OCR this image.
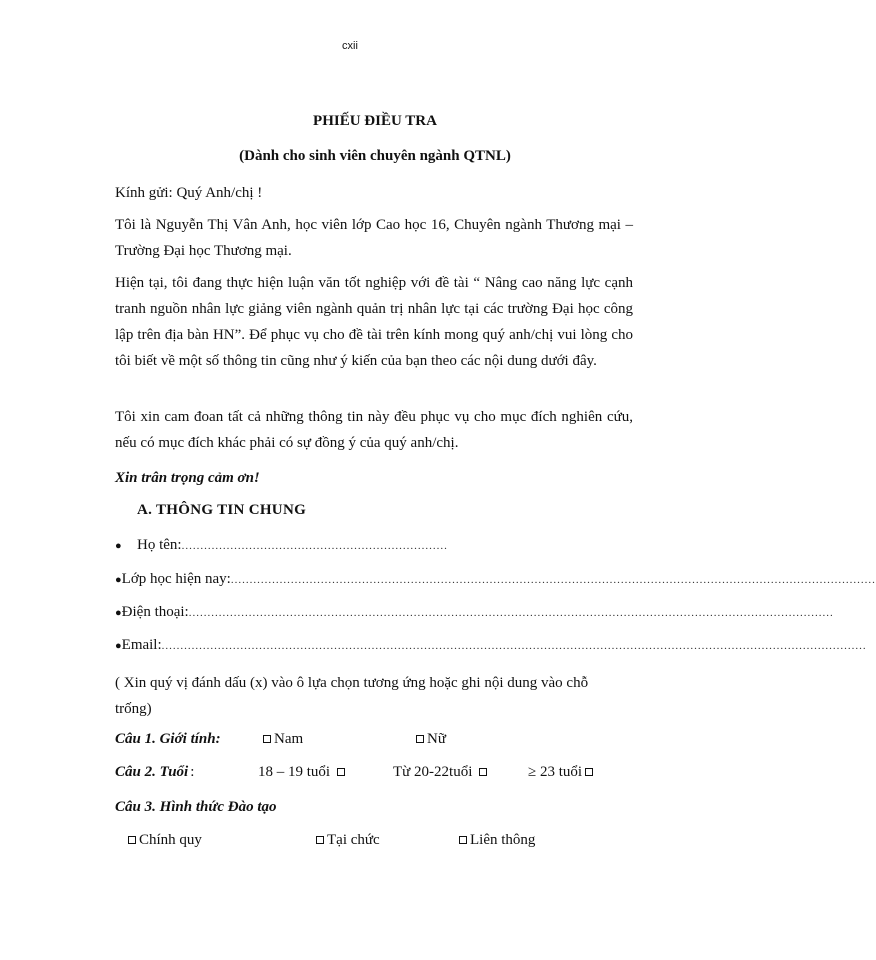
cxii
PHIẾU ĐIỀU TRA
(Dành cho sinh viên chuyên ngành QTNL)
Kính gửi: Quý Anh/chị !
Tôi là Nguyễn Thị Vân Anh, học viên lớp Cao học 16, Chuyên ngành Thương mại – Trường Đại học Thương mại.
Hiện tại, tôi đang thực hiện luận văn tốt nghiệp với đề tài “ Nâng cao năng lực cạnh tranh nguồn nhân lực giảng viên ngành quản trị nhân lực tại các trường Đại học công lập trên địa bàn HN”. Để phục vụ cho đề tài trên kính mong quý anh/chị vui lòng cho tôi biết về một số thông tin cũng như ý kiến của bạn theo các nội dung dưới đây.
Tôi xin cam đoan tất cả những thông tin này đều phục vụ cho mục đích nghiên cứu, nếu có mục đích khác phải có sự đồng ý của quý anh/chị.
Xin trân trọng cảm ơn!
A. THÔNG TIN CHUNG
●	Họ tên: .......................................................................
● Lớp học hiện nay: ............................................................................................................................................................................
● Điện thoại: ............................................................................................................................................................................
● Email: ............................................................................................................................................................................................
( Xin quý vị đánh dấu (x) vào ô lựa chọn tương ứng hoặc ghi nội dung vào chỗ trống)
Câu 1. Giới tính:	Nam	Nữ
Câu 2. Tuổi :	18 – 19 tuổi	Từ 20-22tuổi	≥ 23 tuổi
Câu 3. Hình thức Đào tạo
Chính quy	Tại chức	Liên thông
